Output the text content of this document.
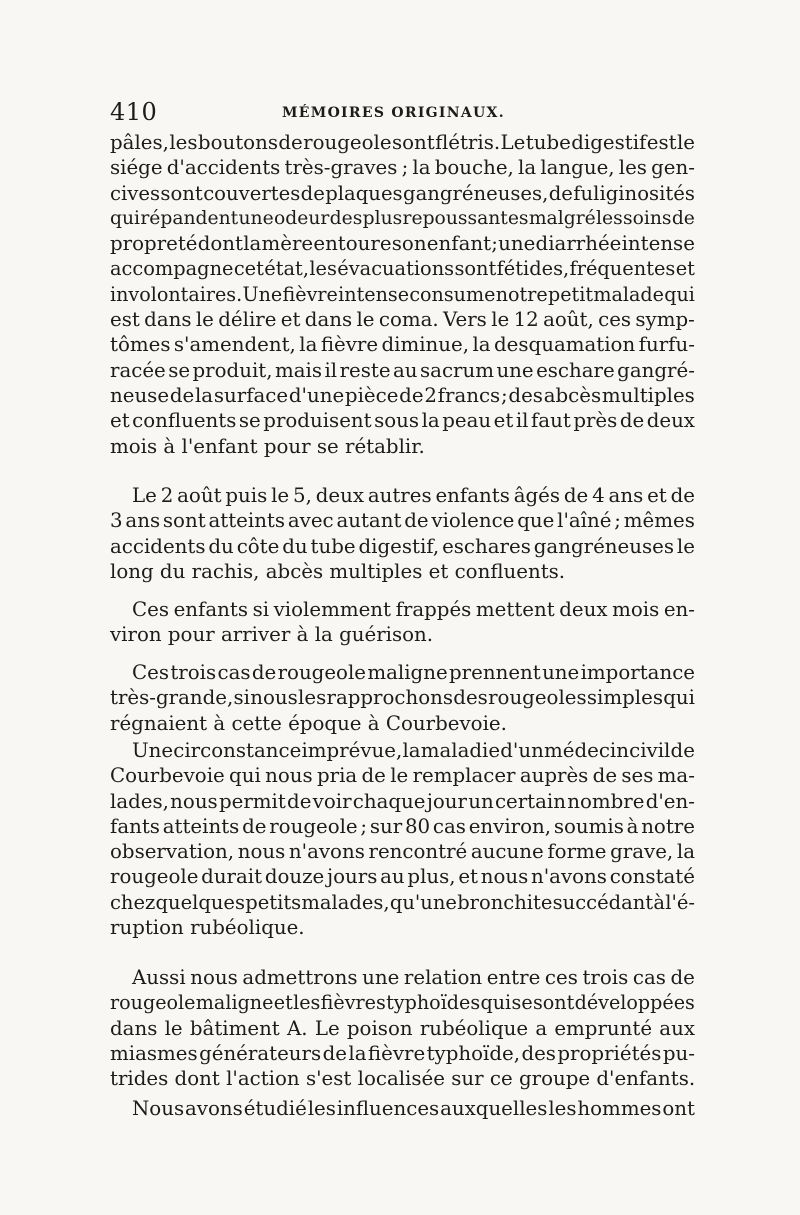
410	MÉMOIRES ORIGINAUX.
pâles, les boutons de rougeole sont flétris. Le tube digestif est le
siége d'accidents très-graves ; la bouche, la langue, les gen-
cives sont couvertes de plaques gangréneuses, de fuliginosités
qui répandent une odeur des plus repoussantes malgré les soins de
propreté dont la mère entoure son enfant ; une diarrhée intense
accompagne cet état, les évacuations sont fétides, fréquentes et
involontaires. Une fièvre intense consume notre petit malade qui
est dans le délire et dans le coma. Vers le 12 août, ces symp-
tômes s'amendent, la fièvre diminue, la desquamation furfu-
racée se produit, mais il reste au sacrum une eschare gangré-
neuse de la surface d'une pièce de 2 francs ; des abcès multiples
et confluents se produisent sous la peau et il faut près de deux
mois à l'enfant pour se rétablir.
Le 2 août puis le 5, deux autres enfants âgés de 4 ans et de
3 ans sont atteints avec autant de violence que l'aîné ; mêmes
accidents du côte du tube digestif, eschares gangréneuses le
long du rachis, abcès multiples et confluents.
Ces enfants si violemment frappés mettent deux mois en-
viron pour arriver à la guérison.
Ces trois cas de rougeole maligne prennent une importance
très-grande, si nous les rapprochons des rougeoles simples qui
régnaient à cette époque à Courbevoie.
Une circonstance imprévue, la maladie d'un médecin civil de
Courbevoie qui nous pria de le remplacer auprès de ses ma-
lades, nous permit de voir chaque jour un certain nombre d'en-
fants atteints de rougeole ; sur 80 cas environ, soumis à notre
observation, nous n'avons rencontré aucune forme grave, la
rougeole durait douze jours au plus, et nous n'avons constaté
chez quelques petits malades, qu'une bronchite succédant à l'é-
ruption rubéolique.
Aussi nous admettrons une relation entre ces trois cas de
rougeole maligne et les fièvres typhoïdes qui se sont développées
dans le bâtiment A. Le poison rubéolique a emprunté aux
miasmes générateurs de la fièvre typhoïde, des propriétés pu-
trides dont l'action s'est localisée sur ce groupe d'enfants.
Nous avons étudié les influences auxquelles les hommes ont
